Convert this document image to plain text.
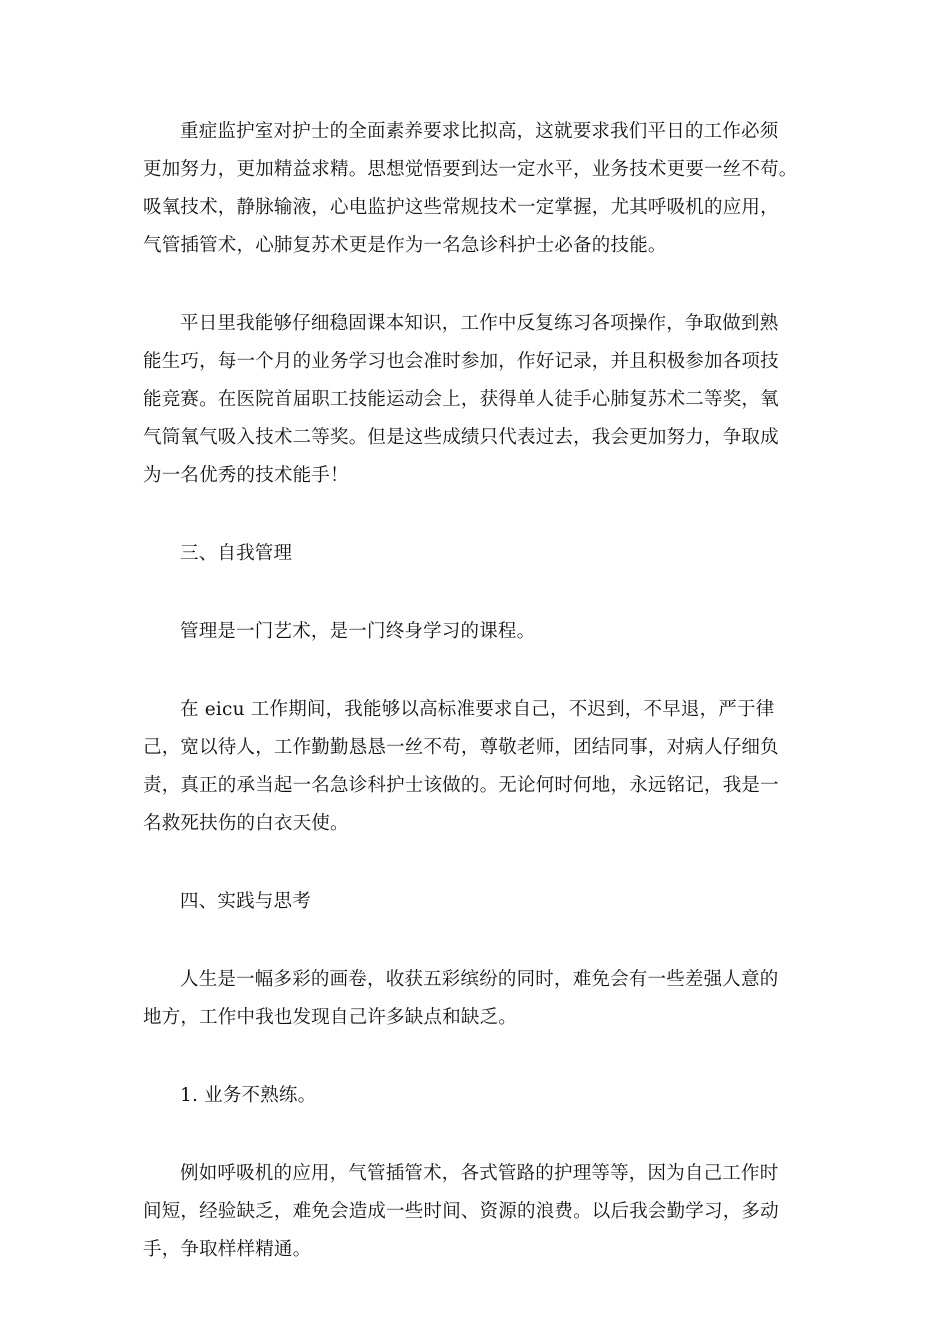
重症监护室对护士的全面素养要求比拟高，这就要求我们平日的工作必须
更加努力，更加精益求精。思想觉悟要到达一定水平，业务技术更要一丝不苟。
吸氧技术，静脉输液，心电监护这些常规技术一定掌握，尤其呼吸机的应用，
气管插管术，心肺复苏术更是作为一名急诊科护士必备的技能。

平日里我能够仔细稳固课本知识，工作中反复练习各项操作，争取做到熟
能生巧，每一个月的业务学习也会准时参加，作好记录，并且积极参加各项技
能竞赛。在医院首届职工技能运动会上，获得单人徒手心肺复苏术二等奖，氧
气筒氧气吸入技术二等奖。但是这些成绩只代表过去，我会更加努力，争取成
为一名优秀的技术能手！

三、自我管理

管理是一门艺术，是一门终身学习的课程。

在 eicu 工作期间，我能够以高标准要求自己，不迟到，不早退，严于律
己，宽以待人，工作勤勤恳恳一丝不苟，尊敬老师，团结同事，对病人仔细负
责，真正的承当起一名急诊科护士该做的。无论何时何地，永远铭记，我是一
名救死扶伤的白衣天使。

四、实践与思考

人生是一幅多彩的画卷，收获五彩缤纷的同时，难免会有一些差强人意的
地方，工作中我也发现自己许多缺点和缺乏。

1. 业务不熟练。

例如呼吸机的应用，气管插管术，各式管路的护理等等，因为自己工作时
间短，经验缺乏，难免会造成一些时间、资源的浪费。以后我会勤学习，多动
手，争取样样精通。
